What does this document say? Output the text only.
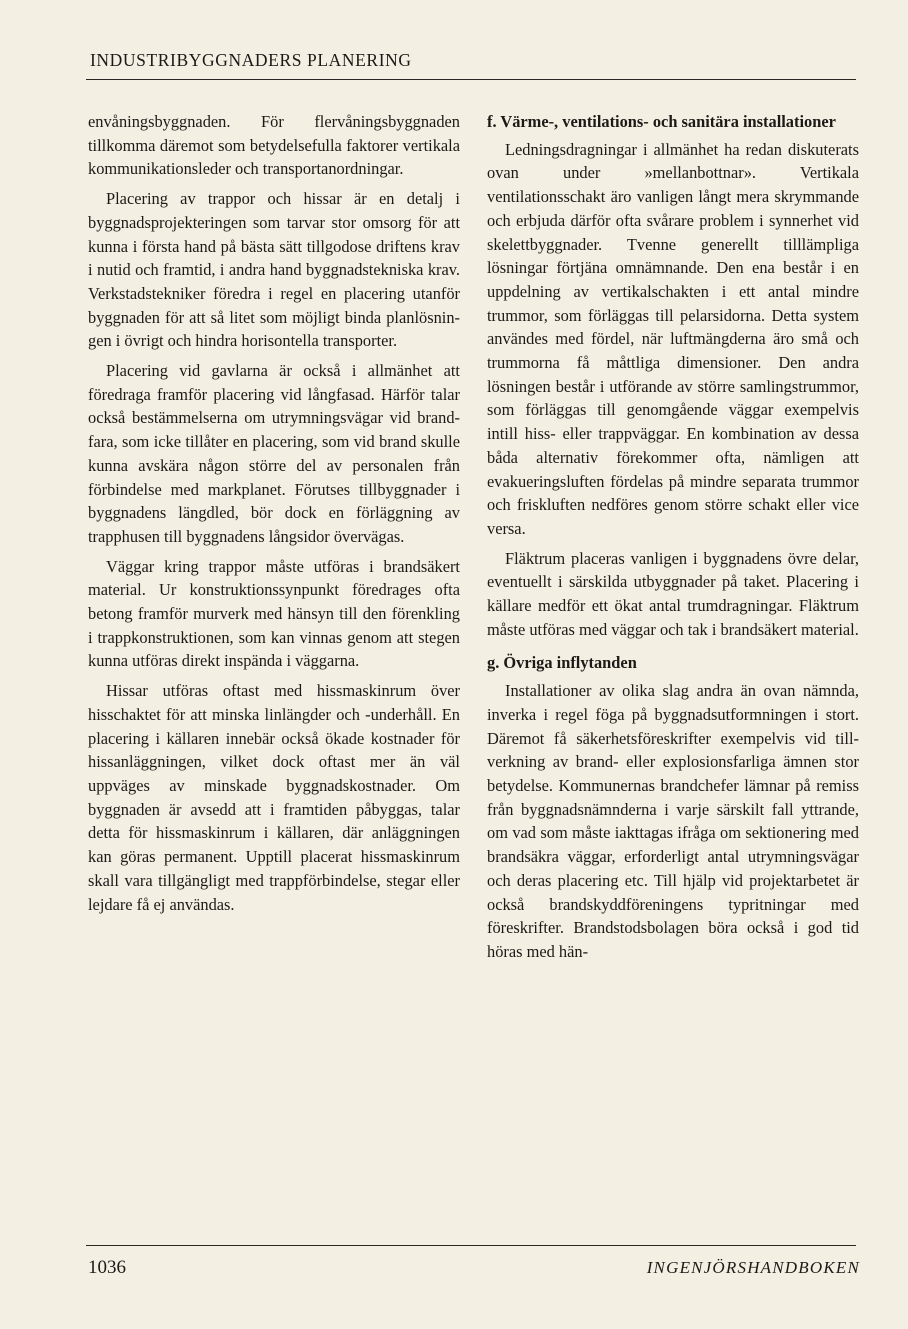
INDUSTRIBYGGNADERS PLANERING

envåningsbyggnaden. För flervåningsbyggnaden tillkomma däremot som betydelsefulla faktorer vertikala kommunikationsleder och transportanordningar.

Placering av trappor och hissar är en detalj i byggnadsprojekteringen som tarvar stor omsorg för att kunna i första hand på bästa sätt tillgodose driftens krav i nutid och framtid, i andra hand byggnadstekniska krav. Verkstadstekniker föredra i regel en placering utanför byggnaden för att så litet som möjligt binda planlösningen i övrigt och hindra horisontella transporter.

Placering vid gavlarna är också i allmänhet att föredraga framför placering vid långfasad. Härför talar också bestämmelserna om utrymningsvägar vid brandfara, som icke tillåter en placering, som vid brand skulle kunna avskära någon större del av personalen från förbindelse med markplanet. Förutses tillbyggnader i byggnadens längdled, bör dock en förläggning av trapphusen till byggnadens långsidor övervägas.

Väggar kring trappor måste utföras i brandsäkert material. Ur konstruktionssynpunkt föredrages ofta betong framför murverk med hänsyn till den förenkling i trappkonstruktionen, som kan vinnas genom att stegen kunna utföras direkt inspända i väggarna.

Hissar utföras oftast med hissmaskinrum över hisschaktet för att minska linlängder och -underhåll. En placering i källaren innebär också ökade kostnader för hissanläggningen, vilket dock oftast mer än väl uppväges av minskade byggnadskostnader. Om byggnaden är avsedd att i framtiden påbyggas, talar detta för hissmaskinrum i källaren, där anläggningen kan göras permanent. Upptill placerat hissmaskinrum skall vara tillgängligt med trappförbindelse, stegar eller lejdare få ej användas.

f. Värme-, ventilations- och sanitära installationer

Ledningsdragningar i allmänhet ha redan diskuterats ovan under »mellanbottnar». Vertikala ventilationsschakt äro vanligen långt mera skrymmande och erbjuda därför ofta svårare problem i synnerhet vid skelettbyggnader. Tvenne generellt tilllämpliga lösningar förtjäna omnämnande. Den ena består i en uppdelning av vertikalschakten i ett antal mindre trummor, som förläggas till pelarsidorna. Detta system användes med fördel, när luftmängderna äro små och trummorna få måttliga dimensioner. Den andra lösningen består i utförande av större samlingstrummor, som förläggas till genomgående väggar exempelvis intill hiss- eller trappväggar. En kombination av dessa båda alternativ förekommer ofta, nämligen att evakueringsluften fördelas på mindre separata trummor och friskluften nedföres genom större schakt eller vice versa.

Fläktrum placeras vanligen i byggnadens övre delar, eventuellt i särskilda utbyggnader på taket. Placering i källare medför ett ökat antal trumdragningar. Fläktrum måste utföras med väggar och tak i brandsäkert material.

g. Övriga inflytanden

Installationer av olika slag andra än ovan nämnda, inverka i regel föga på byggnadsutformningen i stort. Däremot få säkerhetsföreskrifter exempelvis vid tillverkning av brand- eller explosionsfarliga ämnen stor betydelse. Kommunernas brandchefer lämnar på remiss från byggnadsnämnderna i varje särskilt fall yttrande, om vad som måste iakttagas ifråga om sektionering med brandsäkra väggar, erforderligt antal utrymningsvägar och deras placering etc. Till hjälp vid projektarbetet är också brandskyddföreningens typritningar med föreskrifter. Brandstodsbolagen böra också i god tid höras med hän-

1036	INGENJÖRSHANDBOKEN
